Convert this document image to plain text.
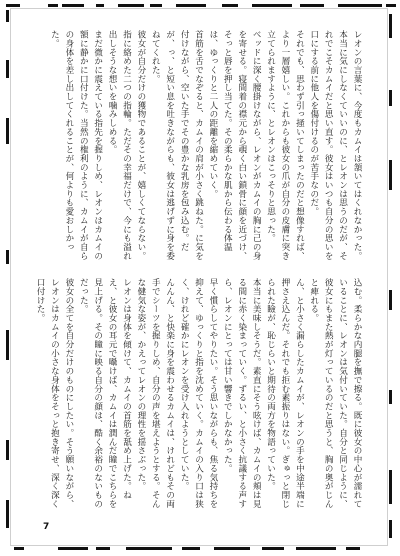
レオンの言葉に、今度もカムイは頷いてはくれなかった。本当に気にしなくていいのに、とレオンは思うのだが、それでこそカムイだと思い直す。彼女はいつも自分の思いを口にする前に他人を傷付けるのが苦手なのだ。

それでも、思わず引っ掻いてしまったのだと想像すれば、より一層嬉しい。これからも彼女の爪が自分の皮膚に突き立てられますように、とレオンはこっそりと思った。

ベッドに深く腰掛けながら、レオンがカムイの胸に己の身を寄せる。寝間着の襟元から覗く白い鎖骨に顔を近づけ、そっと唇を押し当てた。その柔らかな肌から伝わる体温は、ゆっくりと二人の距離を縮めていく。

首筋を舌でなぞると、カムイの肩が小さく跳ねた。に気を付けながら、空いた手でその豊かな乳房を包み込む。だが、っ、と短い息を吐きながらも、彼女は逃げずに身を委ねてくれた。

彼女が自分だけの獲物であることが、嬉しくてならない。指に絡めた二つの指輪。ただその幸福だけで、今にも溢れ出しそうな想いを噛みしめる。

まだ微かに震えている指先を握りしめ、レオンはカムイの額に静かに口付けた。当然の権利のように、カムイが自らの身体を差し出してくれることが、何よりも愛おしかった。

込む。柔らかな内腿を撫で擦る。既に彼女の中心が濡れていることに、レオンは気付いていた。自分と同じように、彼女にもまた熱が灯っているのだと思うと、胸の奥がじんと痺れる。

ん、と小さく漏らしたカムイが、レオンの手を中途半端に押さえ込んだ。それでも拒む素振りはない。ぎゅっと閉じられた瞼が、恥じらいと期待の両方を物語っていた。

本当に美味しそうだ。素直にそう呟けば、カムイの頬は見る間に赤く染まっていく。ずるい、と小さく抗議する声すら、レオンにとっては甘い響きでしかなかった。

早く慣らしてやりたい。そう思いながらも、焦る気持ちを抑えて、ゆっくりと指を沈めていく。カムイの入り口は狭く、けれど確かにレオンを受け入れようとしていた。

んんん、と快楽に身を震わせるカムイは、けれどもその両手でシーツを握りしめ、自分の声を堪えようとする。そんな健気な姿が、かえってレオンの理性を揺さぶった。

レオンは身体を傾けて、カムイの首筋を舐め上げた。ねえ、と彼女の耳元で囁けば、カムイは潤んだ瞳でこちらを見上げる。その瞳に映る自分の顔は、酷く余裕のないものだった。

彼女の全てを自分だけのものにしたい。そう願いながら、レオンはカムイの小さな身体をそっと抱き寄せ、深く深く口付けた。

7
